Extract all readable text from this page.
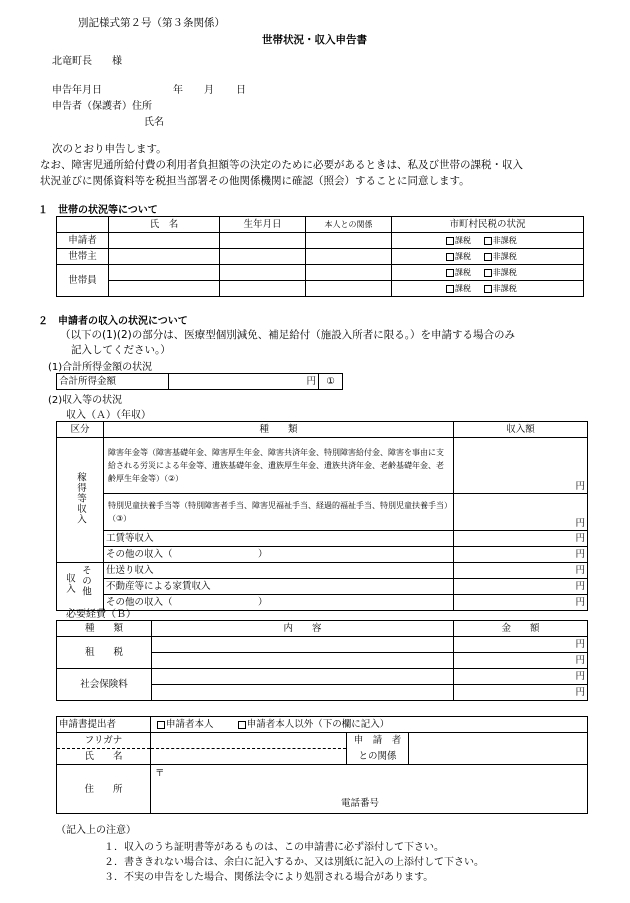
別記様式第２号（第３条関係）
世帯状況・収入申告書
北竜町長　　様
申告年月日	年 月 日
申告者（保護者）住所
氏名
次のとおり申告します。
なお、障害児通所給付費の利用者負担額等の決定のために必要があるときは、私及び世帯の課税・収入
状況並びに関係資料等を税担当部署その他関係機関に確認（照会）することに同意します。
１　世帯の状況等について
	氏　名	生年月日	本人との関係	市町村民税の状況
申請者				課税 非課税
世帯主				課税 非課税
世帯員				課税 非課税
				課税 非課税
２　申請者の収入の状況について
（以下の(1)(2)の部分は、医療型個別減免、補足給付（施設入所者に限る。）を申請する場合のみ
記入してください。）
(1)合計所得金額の状況
合計所得金額	円	①
(2)収入等の状況
収入（Ａ）（年収）
区分	種　　類	収入額
稼得等収入	障害年金等（障害基礎年金、障害厚生年金、障害共済年金、特別障害給付金、障害を事由に支給される労災による年金等、遺族基礎年金、遺族厚生年金、遺族共済年金、老齢基礎年金、老齢厚生年金等）（②）	円
	特別児童扶養手当等（特別障害者手当、障害児福祉手当、経過的福祉手当、特別児童扶養手当）（③）	円
	工賃等収入	円
	その他の収入（　　　　　　　　　）	円

収入 その他	仕送り収入	円
	不動産等による家賃収入	円
	その他の収入（　　　　　　　　　）	円
必要経費（Ｂ）
種　　類	内　　容	金　　額
租　　税		円
		円
社会保険料		円
		円
申請書提出者	申請者本人 申請者本人以外（下の欄に記入）		
フリガナ		申　請　者	
氏　　名		との関係	
住　　所	〒
電話番号		
（記入上の注意）
１．収入のうち証明書等があるものは、この申請書に必ず添付して下さい。
２．書ききれない場合は、余白に記入するか、又は別紙に記入の上添付して下さい。
３．不実の申告をした場合、関係法令により処罰される場合があります。
